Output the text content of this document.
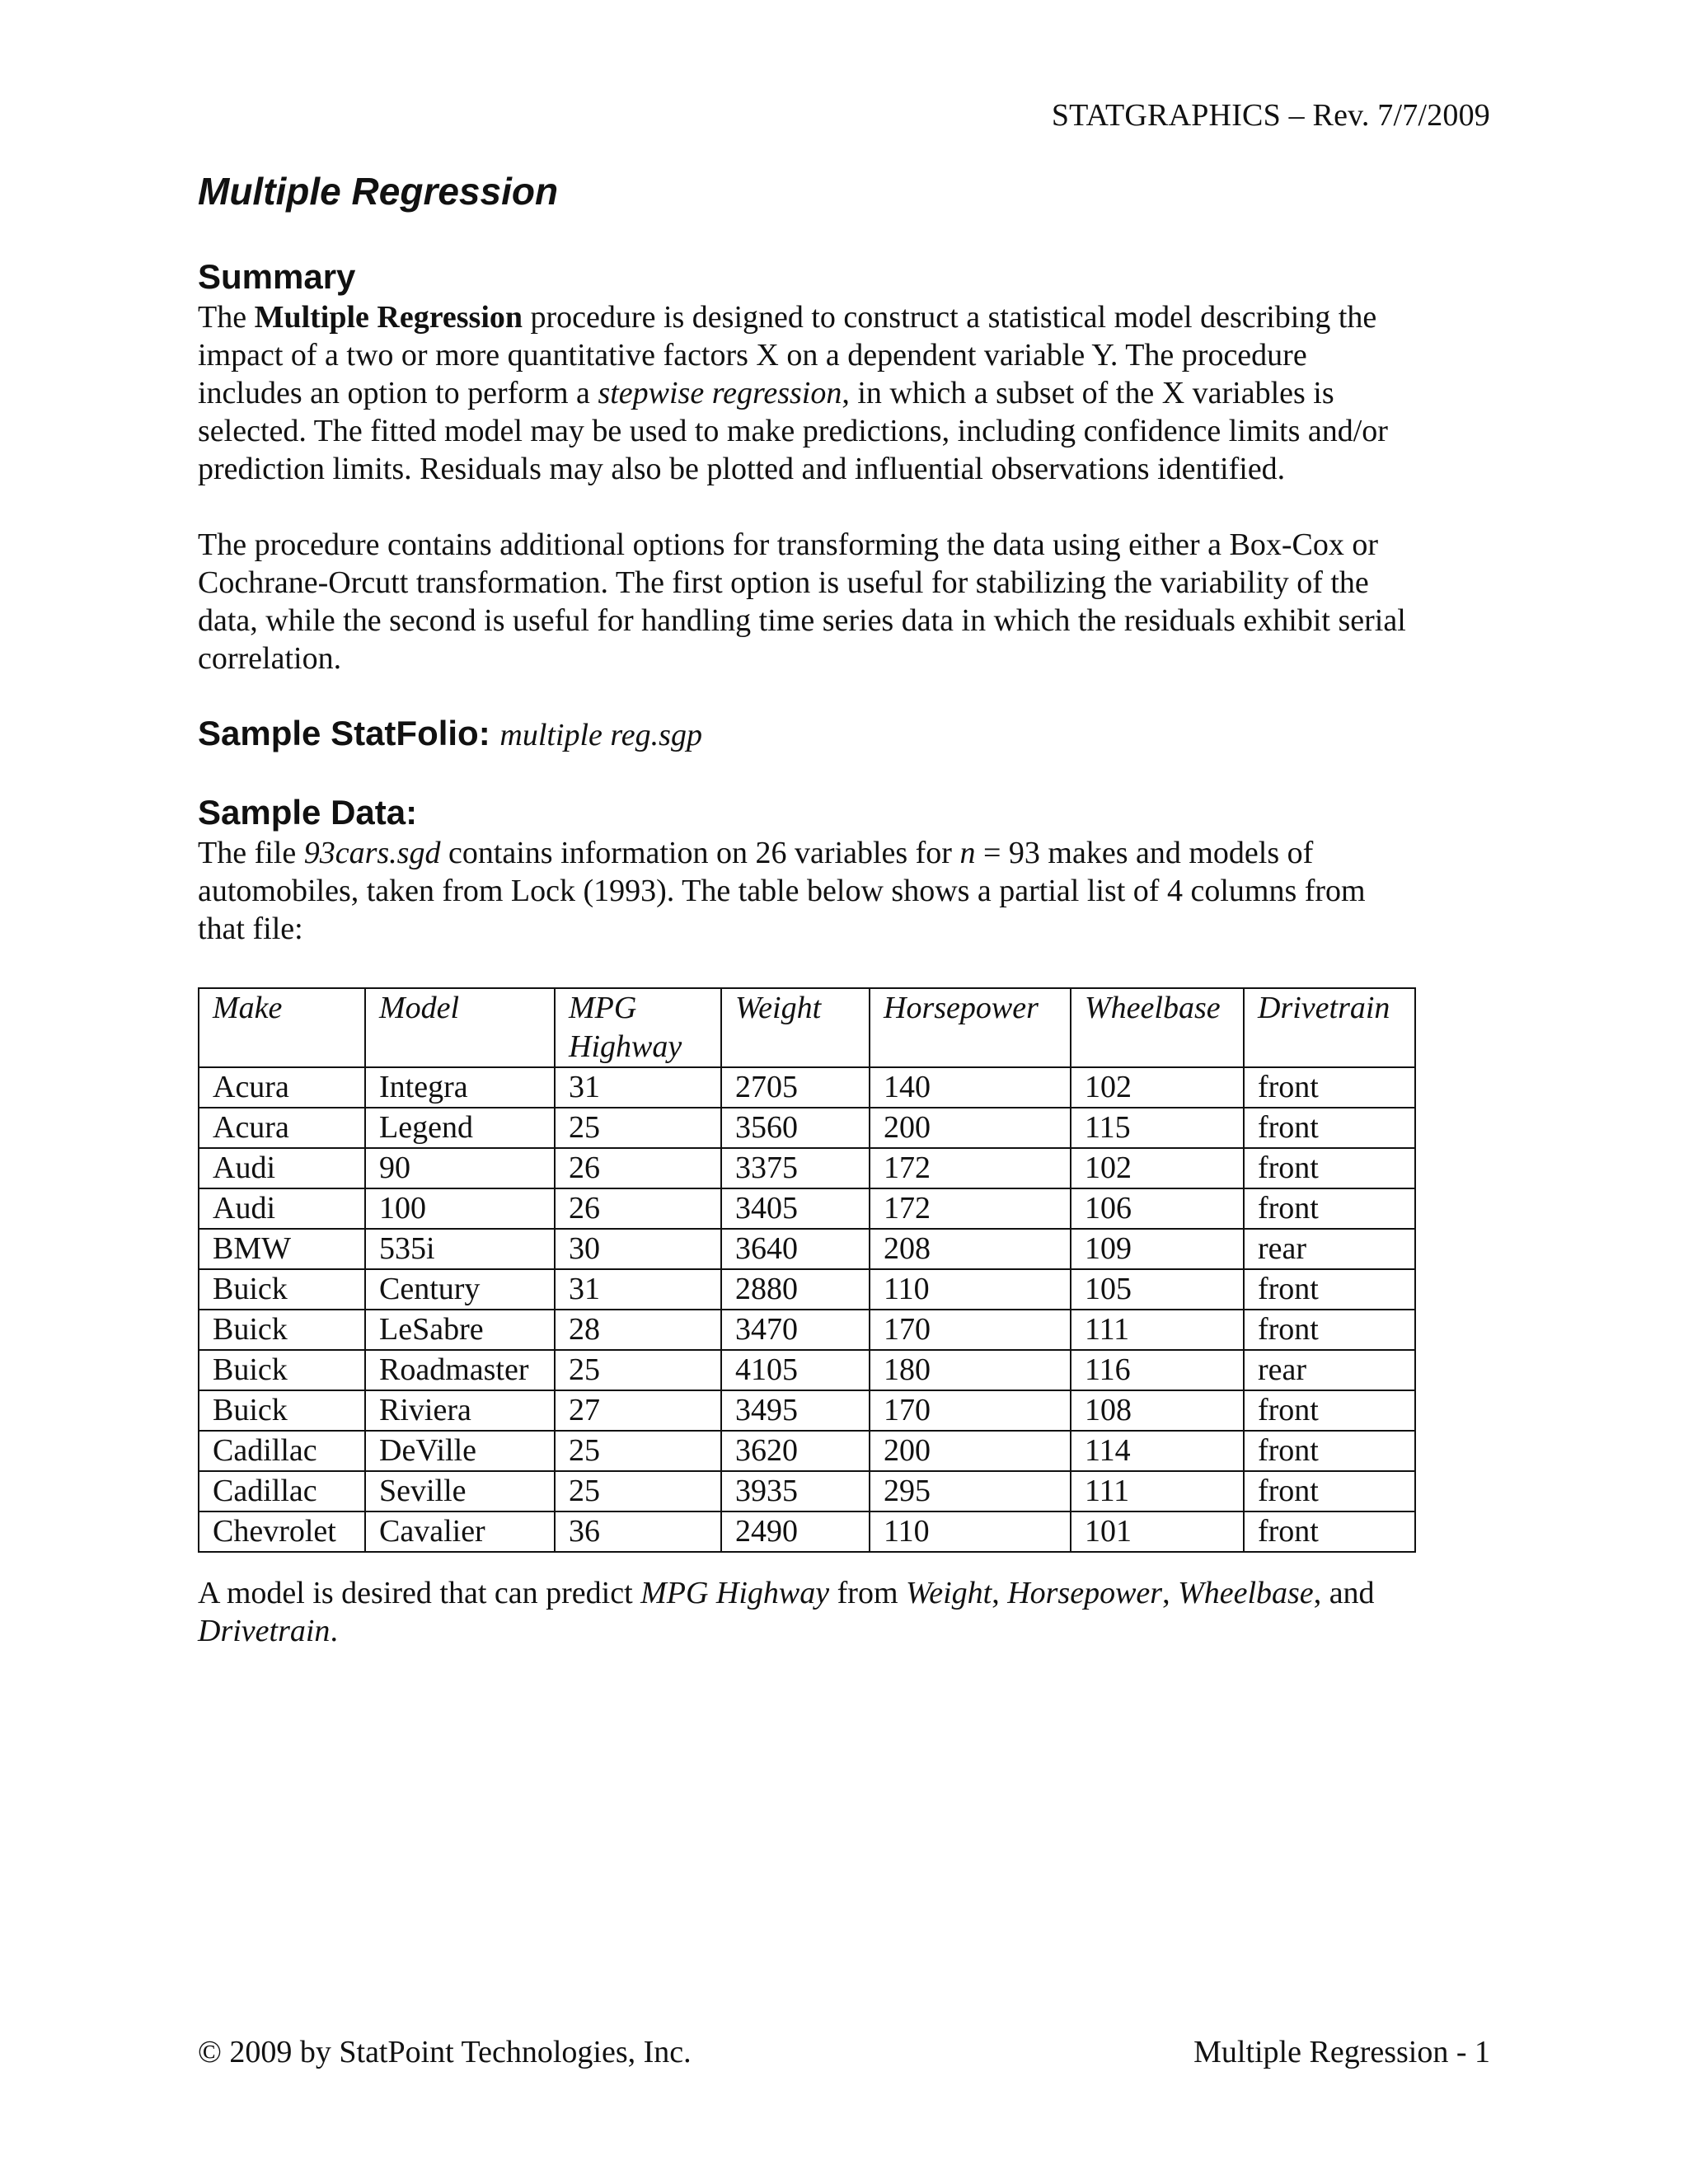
STATGRAPHICS – Rev. 7/7/2009
Multiple Regression
Summary
The Multiple Regression procedure is designed to construct a statistical model describing the
impact of a two or more quantitative factors X on a dependent variable Y. The procedure
includes an option to perform a stepwise regression, in which a subset of the X variables is
selected. The fitted model may be used to make predictions, including confidence limits and/or
prediction limits. Residuals may also be plotted and influential observations identified.
The procedure contains additional options for transforming the data using either a Box-Cox or
Cochrane-Orcutt transformation. The first option is useful for stabilizing the variability of the
data, while the second is useful for handling time series data in which the residuals exhibit serial
correlation.
Sample StatFolio: multiple reg.sgp
Sample Data:
The file 93cars.sgd contains information on 26 variables for n = 93 makes and models of
automobiles, taken from Lock (1993). The table below shows a partial list of 4 columns from
that file:
Make	Model	MPG Highway	Weight	Horsepower	Wheelbase	Drivetrain
Acura	Integra	31	2705	140	102	front
Acura	Legend	25	3560	200	115	front
Audi	90	26	3375	172	102	front
Audi	100	26	3405	172	106	front
BMW	535i	30	3640	208	109	rear
Buick	Century	31	2880	110	105	front
Buick	LeSabre	28	3470	170	111	front
Buick	Roadmaster	25	4105	180	116	rear
Buick	Riviera	27	3495	170	108	front
Cadillac	DeVille	25	3620	200	114	front
Cadillac	Seville	25	3935	295	111	front
Chevrolet	Cavalier	36	2490	110	101	front
A model is desired that can predict MPG Highway from Weight, Horsepower, Wheelbase, and
Drivetrain.
© 2009 by StatPoint Technologies, Inc.	Multiple Regression - 1
